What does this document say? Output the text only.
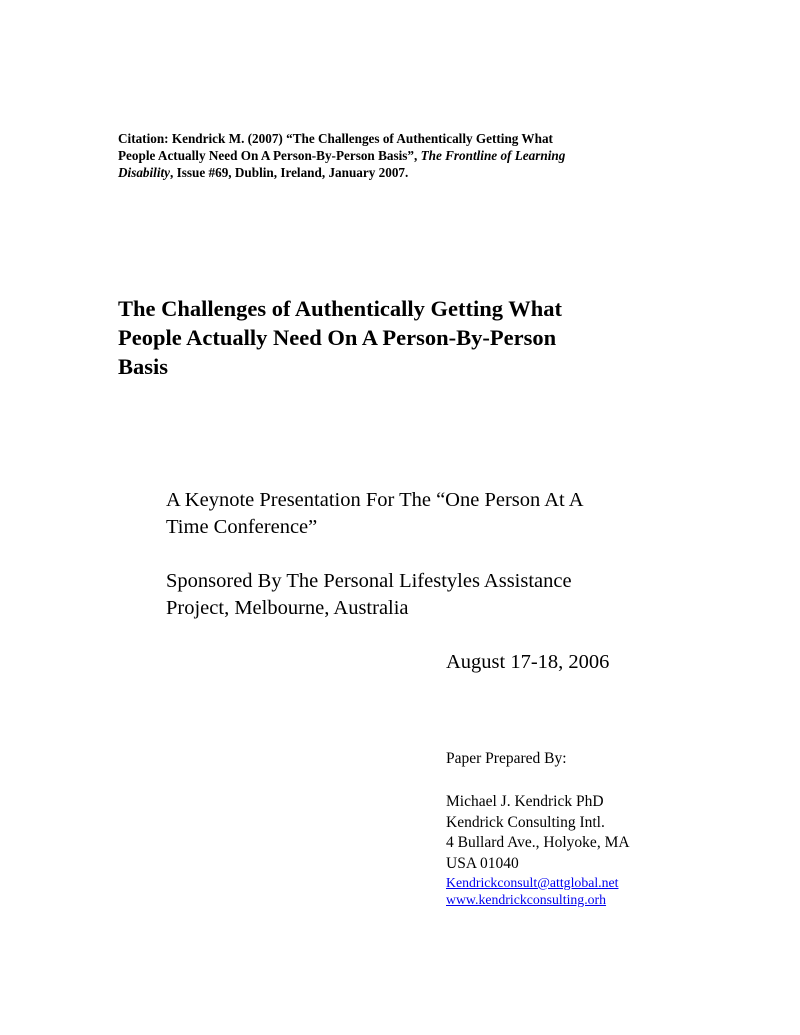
Citation: Kendrick M. (2007) “The Challenges of Authentically Getting What
People Actually Need On A Person-By-Person Basis”, The Frontline of Learning
Disability, Issue #69, Dublin, Ireland, January 2007.
The Challenges of Authentically Getting What
People Actually Need On A Person-By-Person
Basis
A Keynote Presentation For The “One Person At A
Time Conference”
Sponsored By The Personal Lifestyles Assistance
Project, Melbourne, Australia
August 17-18, 2006
Paper Prepared By:
Michael J. Kendrick PhD
Kendrick Consulting Intl.
4 Bullard Ave., Holyoke, MA
USA 01040
Kendrickconsult@attglobal.net
www.kendrickconsulting.orh
